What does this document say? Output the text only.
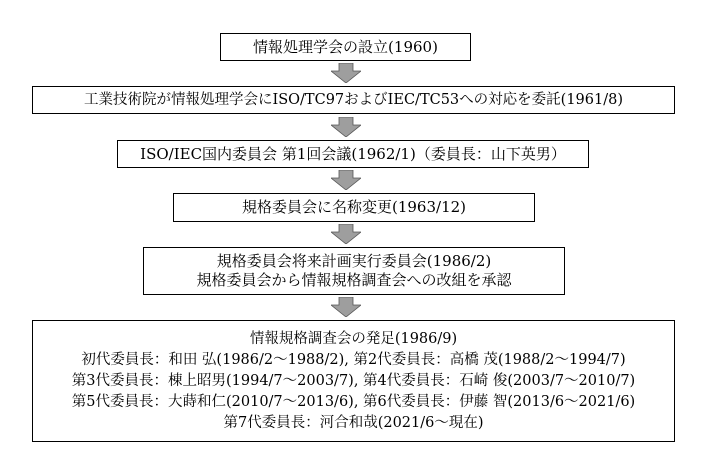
情報処理学会の設立(1960)
工業技術院が情報処理学会にISO/TC97およびIEC/TC53への対応を委託(1961/8)
ISO/IEC国内委員会 第1回会議(1962/1)（委員長：山下英男）
規格委員会に名称変更(1963/12)
規格委員会将来計画実行委員会(1986/2)
規格委員会から情報規格調査会への改組を承認
情報規格調査会の発足(1986/9)
初代委員長：和田 弘(1986/2〜1988/2), 第2代委員長：高橋 茂(1988/2〜1994/7)
第3代委員長：棟上昭男(1994/7〜2003/7), 第4代委員長：石崎 俊(2003/7〜2010/7)
第5代委員長：大蒔和仁(2010/7〜2013/6), 第6代委員長：伊藤 智(2013/6〜2021/6)
第7代委員長：河合和哉(2021/6〜現在)
